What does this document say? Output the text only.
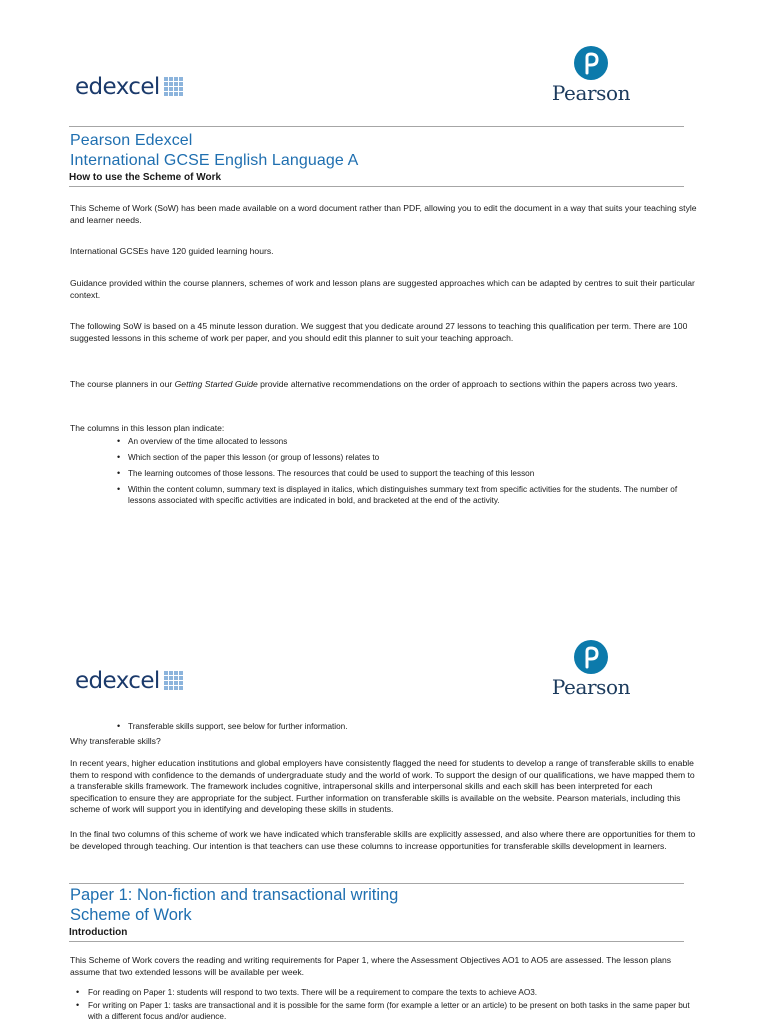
edexcel	Pearson
Pearson Edexcel
International GCSE English Language A
How to use the Scheme of Work
This Scheme of Work (SoW) has been made available on a word document rather than PDF, allowing you to edit the document in a way that suits your teaching style and learner needs.
International GCSEs have 120 guided learning hours.
Guidance provided within the course planners, schemes of work and lesson plans are suggested approaches which can be adapted by centres to suit their particular context.
The following SoW is based on a 45 minute lesson duration. We suggest that you dedicate around 27 lessons to teaching this qualification per term. There are 100 suggested lessons in this scheme of work per paper, and you should edit this planner to suit your teaching approach.
The course planners in our Getting Started Guide provide alternative recommendations on the order of approach to sections within the papers across two years.
The columns in this lesson plan indicate:
• An overview of the time allocated to lessons
• Which section of the paper this lesson (or group of lessons) relates to
• The learning outcomes of those lessons. The resources that could be used to support the teaching of this lesson
• Within the content column, summary text is displayed in italics, which distinguishes summary text from specific activities for the students. The number of lessons associated with specific activities are indicated in bold, and bracketed at the end of the activity.
edexcel	Pearson
• Transferable skills support, see below for further information.
Why transferable skills?
In recent years, higher education institutions and global employers have consistently flagged the need for students to develop a range of transferable skills to enable them to respond with confidence to the demands of undergraduate study and the world of work. To support the design of our qualifications, we have mapped them to a transferable skills framework. The framework includes cognitive, intrapersonal skills and interpersonal skills and each skill has been interpreted for each specification to ensure they are appropriate for the subject. Further information on transferable skills is available on the website. Pearson materials, including this scheme of work will support you in identifying and developing these skills in students.
In the final two columns of this scheme of work we have indicated which transferable skills are explicitly assessed, and also where there are opportunities for them to be developed through teaching. Our intention is that teachers can use these columns to increase opportunities for transferable skills development in learners.
Paper 1: Non-fiction and transactional writing
Scheme of Work
Introduction
This Scheme of Work covers the reading and writing requirements for Paper 1, where the Assessment Objectives AO1 to AO5 are assessed. The lesson plans assume that two extended lessons will be available per week.
• For reading on Paper 1: students will respond to two texts. There will be a requirement to compare the texts to achieve AO3.
• For writing on Paper 1: tasks are transactional and it is possible for the same form (for example a letter or an article) to be present on both tasks in the same paper but with a different focus and/or audience.
